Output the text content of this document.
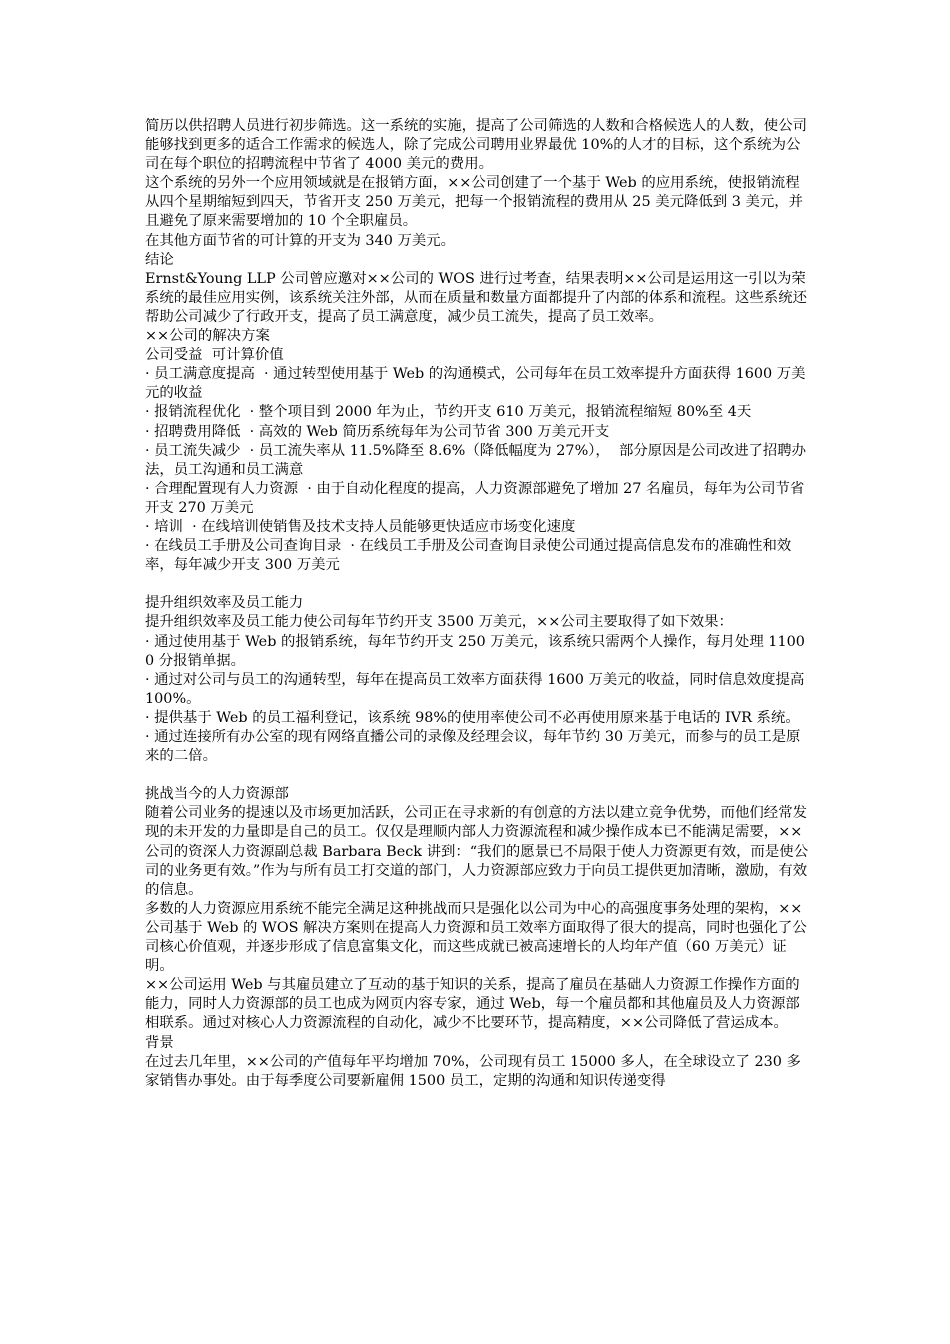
简历以供招聘人员进行初步筛选。这一系统的实施，提高了公司筛选的人数和合格候选人的人数，使公司能够找到更多的适合工作需求的候选人，除了完成公司聘用业界最优 10%的人才的目标，这个系统为公司在每个职位的招聘流程中节省了 4000 美元的费用。

这个系统的另外一个应用领域就是在报销方面，××公司创建了一个基于 Web 的应用系统，使报销流程从四个星期缩短到四天，节省开支 250 万美元，把每一个报销流程的费用从 25 美元降低到 3 美元，并且避免了原来需要增加的 10 个全职雇员。

在其他方面节省的可计算的开支为 340 万美元。

结论

Ernst&Young LLP 公司曾应邀对××公司的 WOS 进行过考查，结果表明××公司是运用这一引以为荣系统的最佳应用实例，该系统关注外部，从而在质量和数量方面都提升了内部的体系和流程。这些系统还帮助公司减少了行政开支，提高了员工满意度，减少员工流失，提高了员工效率。

××公司的解决方案

公司受益  可计算价值

· 员工满意度提高  · 通过转型使用基于 Web 的沟通模式，公司每年在员工效率提升方面获得 1600 万美元的收益

· 报销流程优化  · 整个项目到 2000 年为止，节约开支 610 万美元，报销流程缩短 80%至 4天

· 招聘费用降低  · 高效的 Web 简历系统每年为公司节省 300 万美元开支

· 员工流失减少  · 员工流失率从 11.5%降至 8.6%（降低幅度为 27%），  部分原因是公司改进了招聘办法，员工沟通和员工满意

· 合理配置现有人力资源  · 由于自动化程度的提高，人力资源部避免了增加 27 名雇员，每年为公司节省开支 270 万美元

· 培训  · 在线培训使销售及技术支持人员能够更快适应市场变化速度

· 在线员工手册及公司查询目录  · 在线员工手册及公司查询目录使公司通过提高信息发布的准确性和效率，每年减少开支 300 万美元

提升组织效率及员工能力

提升组织效率及员工能力使公司每年节约开支 3500 万美元，××公司主要取得了如下效果：

· 通过使用基于 Web 的报销系统，每年节约开支 250 万美元，该系统只需两个人操作，每月处理 11000 分报销单据。

· 通过对公司与员工的沟通转型，每年在提高员工效率方面获得 1600 万美元的收益，同时信息效度提高 100%。

· 提供基于 Web 的员工福利登记，该系统 98%的使用率使公司不必再使用原来基于电话的 IVR 系统。

· 通过连接所有办公室的现有网络直播公司的录像及经理会议，每年节约 30 万美元，而参与的员工是原来的二倍。

挑战当今的人力资源部

随着公司业务的提速以及市场更加活跃，公司正在寻求新的有创意的方法以建立竞争优势，而他们经常发现的未开发的力量即是自己的员工。仅仅是理顺内部人力资源流程和减少操作成本已不能满足需要，××公司的资深人力资源副总裁 Barbara Beck 讲到：“我们的愿景已不局限于使人力资源更有效，而是使公司的业务更有效。”作为与所有员工打交道的部门，人力资源部应致力于向员工提供更加清晰，激励，有效的信息。

多数的人力资源应用系统不能完全满足这种挑战而只是强化以公司为中心的高强度事务处理的架构，××公司基于 Web 的 WOS 解决方案则在提高人力资源和员工效率方面取得了很大的提高，同时也强化了公司核心价值观，并逐步形成了信息富集文化，而这些成就已被高速增长的人均年产值（60 万美元）证明。

××公司运用 Web 与其雇员建立了互动的基于知识的关系，提高了雇员在基础人力资源工作操作方面的能力，同时人力资源部的员工也成为网页内容专家，通过 Web，每一个雇员都和其他雇员及人力资源部相联系。通过对核心人力资源流程的自动化，减少不比要环节，提高精度，××公司降低了营运成本。

背景

在过去几年里，××公司的产值每年平均增加 70%，公司现有员工 15000 多人，在全球设立了 230 多家销售办事处。由于每季度公司要新雇佣 1500 员工，定期的沟通和知识传递变得
